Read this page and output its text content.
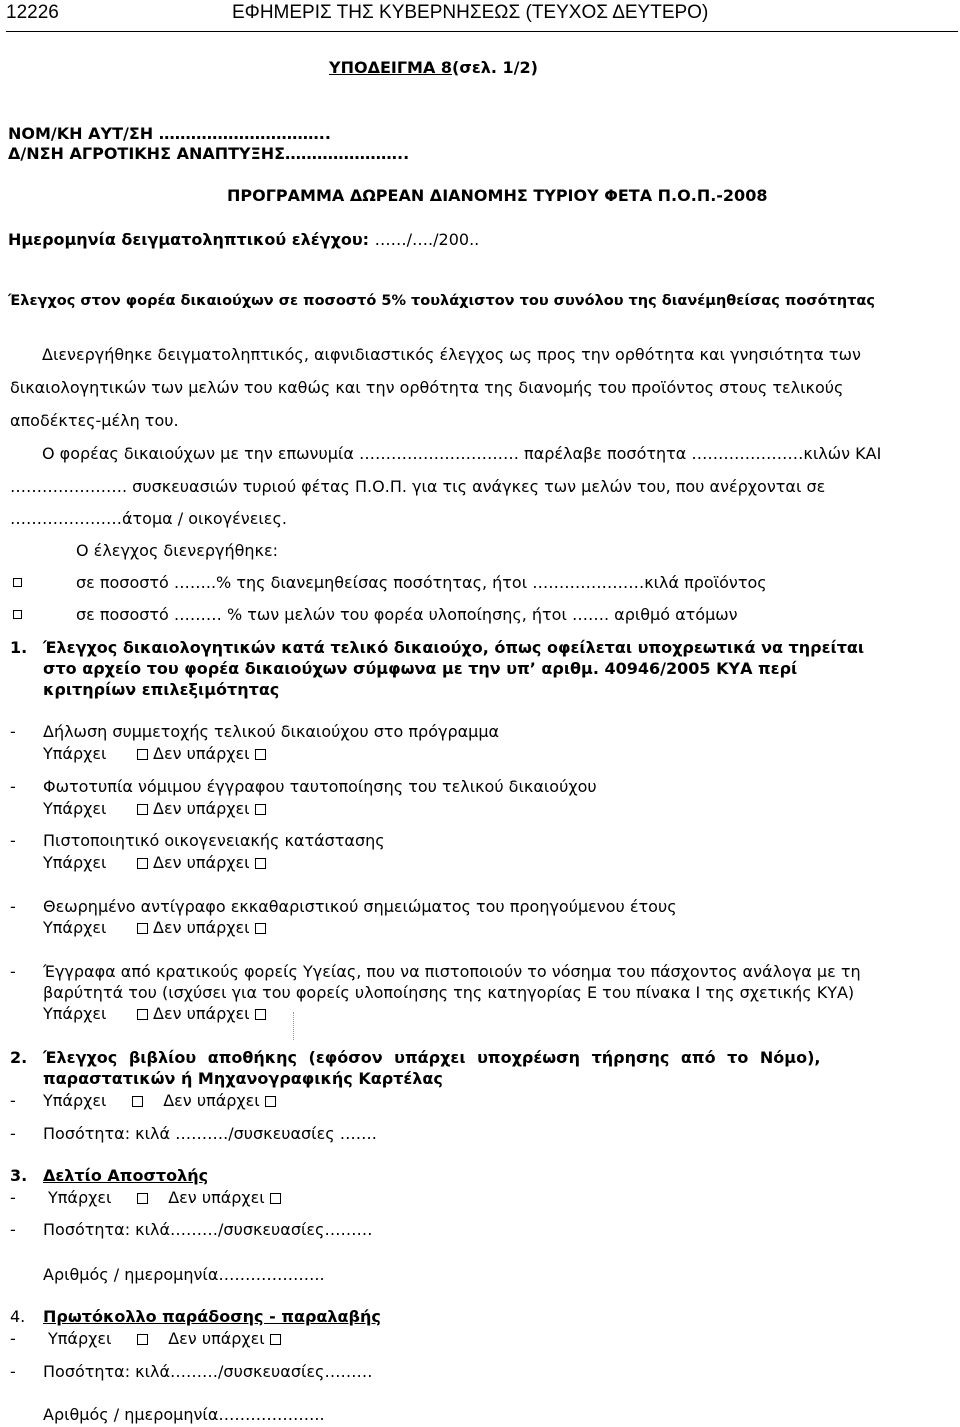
12226	ΕΦΗΜΕΡΙΣ ΤΗΣ ΚΥΒΕΡΝΗΣΕΩΣ (ΤΕΥΧΟΣ ΔΕΥΤΕΡΟ)
ΥΠΟΔΕΙΓΜΑ 8(σελ. 1/2)
ΝΟΜ/ΚΗ ΑΥΤ/ΣΗ …………………………..
Δ/ΝΣΗ ΑΓΡΟΤΙΚΗΣ ΑΝΑΠΤΥΞΗΣ…………………..
ΠΡΟΓΡΑΜΜΑ ΔΩΡΕΑΝ ΔΙΑΝΟΜΗΣ ΤΥΡΙΟΥ ΦΕΤΑ Π.Ο.Π.-2008
Ημερομηνία δειγματοληπτικού ελέγχου: ……/…./200..
Έλεγχος στον φορέα δικαιούχων σε ποσοστό 5% τουλάχιστον του συνόλου της διανέμηθείσας ποσότητας
Διενεργήθηκε δειγματοληπτικός, αιφνιδιαστικός έλεγχος ως προς την ορθότητα και γνησιότητα των
δικαιολογητικών των μελών του καθώς και την ορθότητα της διανομής του προϊόντος στους τελικούς
αποδέκτες-μέλη του.
Ο φορέας δικαιούχων με την επωνυμία ………………………… παρέλαβε ποσότητα …………………κιλών ΚΑΙ
…………………. συσκευασιών τυριού φέτας Π.Ο.Π. για τις ανάγκες των μελών του, που ανέρχονται σε
…………………άτομα / οικογένειες.
Ο έλεγχος διενεργήθηκε:
σε ποσοστό ……..% της διανεμηθείσας ποσότητας, ήτοι …………………κιλά προϊόντος
σε ποσοστό ……… % των μελών του φορέα υλοποίησης, ήτοι ……. αριθμό ατόμων
1. Έλεγχος δικαιολογητικών κατά τελικό δικαιούχο, όπως οφείλεται υποχρεωτικά να τηρείται
στο αρχείο του φορέα δικαιούχων σύμφωνα με την υπ’ αριθμ. 40946/2005 ΚΥΑ περί
κριτηρίων επιλεξιμότητας
- Δήλωση συμμετοχής τελικού δικαιούχου στο πρόγραμμα
Υπάρχει	Δεν υπάρχει
- Φωτοτυπία νόμιμου έγγραφου ταυτοποίησης του τελικού δικαιούχου
Υπάρχει	Δεν υπάρχει
- Πιστοποιητικό οικογενειακής κατάστασης
Υπάρχει	Δεν υπάρχει
- Θεωρημένο αντίγραφο εκκαθαριστικού σημειώματος του προηγούμενου έτους
Υπάρχει	Δεν υπάρχει
- Έγγραφα από κρατικούς φορείς Υγείας, που να πιστοποιούν το νόσημα του πάσχοντος ανάλογα με τη
βαρύτητά του (ισχύσει για του φορείς υλοποίησης της κατηγορίας Ε του πίνακα Ι της σχετικής ΚΥΑ)
Υπάρχει	Δεν υπάρχει
2. Έλεγχος βιβλίου αποθήκης (εφόσον υπάρχει υποχρέωση τήρησης από το Νόμο),
παραστατικών ή Μηχανογραφικής Καρτέλας
- Υπάρχει	Δεν υπάρχει
- Ποσότητα: κιλά ………./συσκευασίες …….
3. Δελτίο Αποστολής
- Υπάρχει	Δεν υπάρχει
- Ποσότητα: κιλά………/συσκευασίες………
Αριθμός / ημερομηνία………………..
4. Πρωτόκολλο παράδοσης - παραλαβής
- Υπάρχει	Δεν υπάρχει
- Ποσότητα: κιλά………/συσκευασίες………
Αριθμός / ημερομηνία………………..
